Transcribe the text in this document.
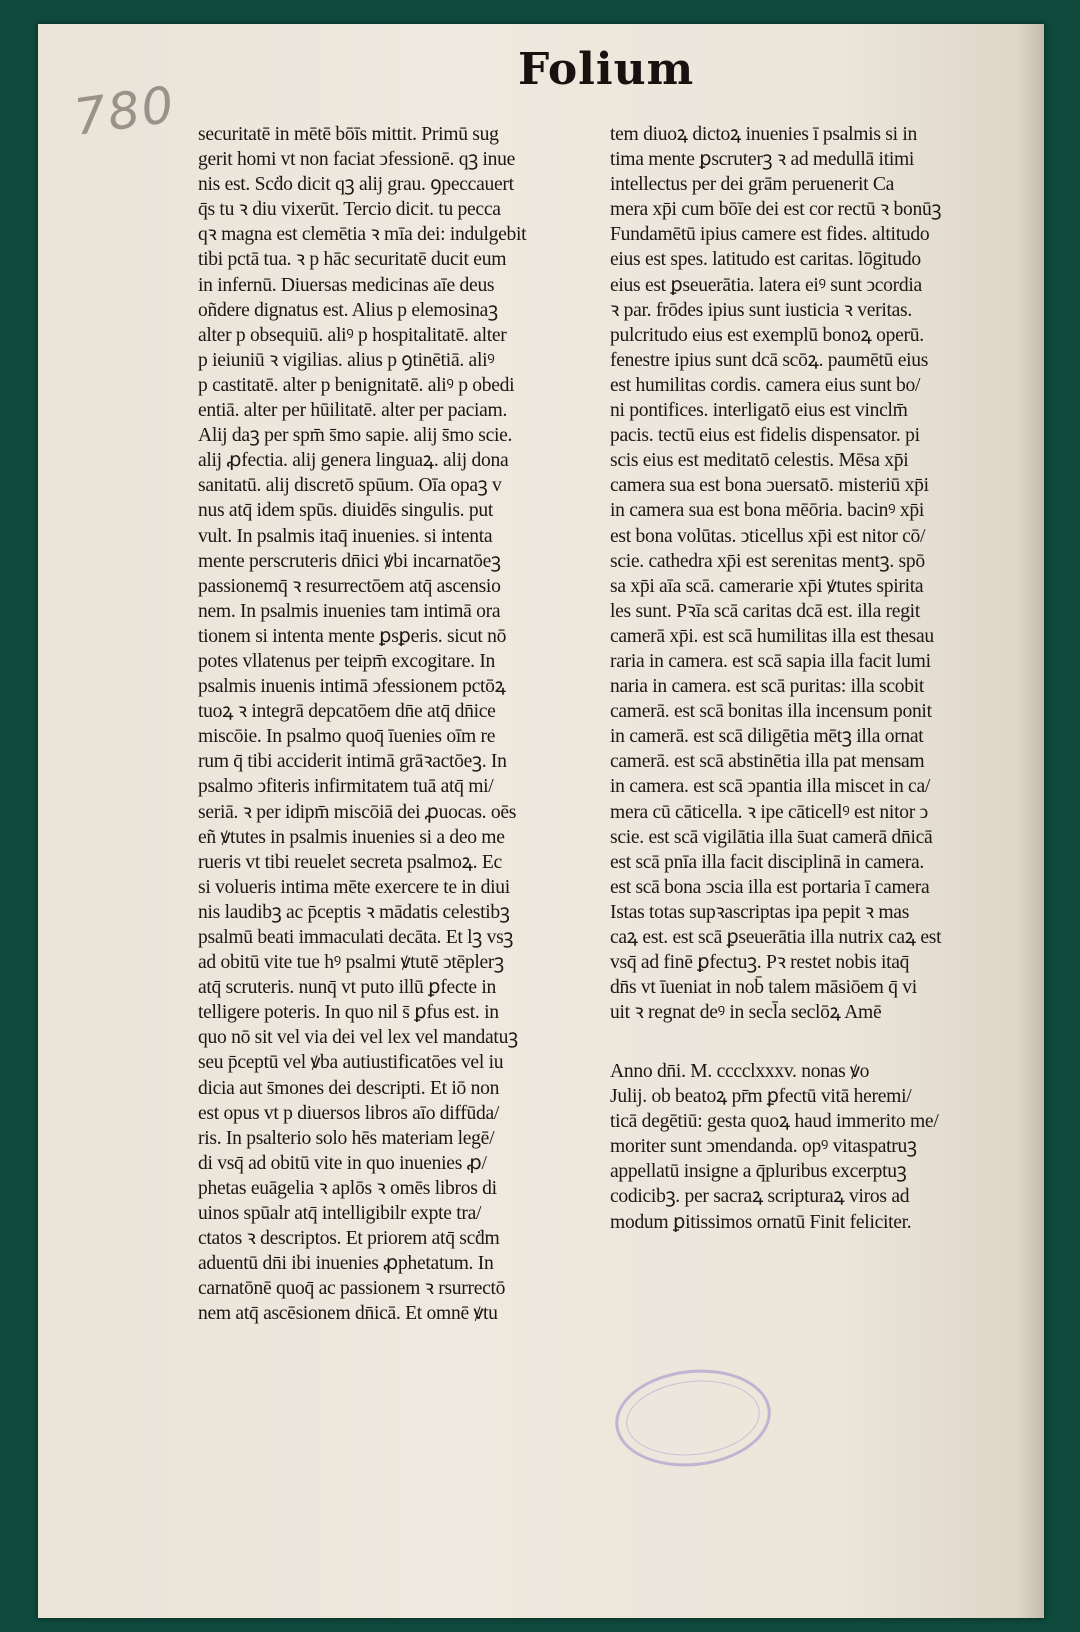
780
Folium
securitatē in mētē bōīs mittit. Primū sug
gerit homi vt non faciat ↄfessionē. qꝫ inue
nis est. Scḋo dicit qꝫ alij grau. ꝯpeccauert
q̄s tu ꝛ diu vixerūt. Tercio dicit. tu pecca
qꝛ magna est clemētia ꝛ mīa dei: indulgebit
tibi pctā tua. ꝛ p hāc securitatē ducit eum
in infernū. Diuersas medicinas aīe deus
oñdere dignatus est. Alius p elemosinaꝫ
alter p obsequiū. aliꝰ p hospitalitatē. alter
p ieiuniū ꝛ vigilias. alius p ꝯtinētiā. aliꝰ
p castitatē. alter p benignitatē. aliꝰ p obedi
entiā. alter per hūilitatē. alter per paciam.
Alij daꝫ per spm̄ s̄mo sapie. alij s̄mo scie.
alij ꝓfectia. alij genera linguaꝝ. alij dona
sanitatū. alij discretō spūum. Oīa opaꝫ v
nus atq̄ idem spūs. diuidēs singulis. put
vult. In psalmis itaq̄ inuenies. si intenta
mente perscruteris dn̄ici ꝟbi incarnatōeꝫ
passionemq̄ ꝛ resurrectōem atq̄ ascensio
nem. In psalmis inuenies tam intimā ora
tionem si intenta mente ꝑsꝑeris. sicut nō
potes vllatenus per teipm̄ excogitare. In
psalmis inuenis intimā ↄfessionem pctōꝝ
tuoꝝ ꝛ integrā depcatōem dn̄e atq̄ dn̄ice
miscōie. In psalmo quoq̄ īuenies oīm re
rum q̄ tibi acciderit intimā grāꝛactōeꝫ. In
psalmo ↄfiteris infirmitatem tuā atq̄ mi/
seriā. ꝛ per idipm̄ miscōiā dei ꝓuocas. oēs
eñ ꝟtutes in psalmis inuenies si a deo me
rueris vt tibi reuelet secreta psalmoꝝ. Ec
si volueris intima mēte exercere te in diui
nis laudibꝫ ac p̄ceptis ꝛ mādatis celestibꝫ
psalmū beati immaculati decāta. Et lꝫ vsꝫ
ad obitū vite tue hꝰ psalmi ꝟtutē ↄtēplerꝫ
atq̄ scruteris. nunq̄ vt puto illū ꝑfecte in
telligere poteris. In quo nil s̄ ꝑfus est. in
quo nō sit vel via dei vel lex vel mandatuꝫ
seu p̄ceptū vel ꝟba autiustificatōes vel iu
dicia aut s̄mones dei descripti. Et iō non
est opus vt p diuersos libros aīo diffūda/
ris. In psalterio solo hēs materiam legē/
di vsq̄ ad obitū vite in quo inuenies ꝓ/
phetas euāgelia ꝛ aplōs ꝛ omēs libros di
uinos spūalr atq̄ intelligibilr expte tra/
ctatos ꝛ descriptos. Et priorem atq̄ scḋm
aduentū dn̄i ibi inuenies ꝓphetatum. In
carnatōnē quoq̄ ac passionem ꝛ rsurrectō
nem atq̄ ascēsionem dn̄icā. Et omnē ꝟtu
tem diuoꝝ dictoꝝ inuenies ī psalmis si in
tima mente ꝑscruterꝫ ꝛ ad medullā itimi
intellectus per dei grām peruenerit Ca
mera xp̄i cum bōīe dei est cor rectū ꝛ bonūꝫ
Fundamētū ipius camere est fides. altitudo
eius est spes. latitudo est caritas. lōgitudo
eius est ꝑseuerātia. latera eiꝰ sunt ↄcordia
ꝛ par. frōdes ipius sunt iusticia ꝛ veritas.
pulcritudo eius est exemplū bonoꝝ operū.
fenestre ipius sunt dcā scōꝝ. paumētū eius
est humilitas cordis. camera eius sunt bo/
ni pontifices. interligatō eius est vinclm̄
pacis. tectū eius est fidelis dispensator. pi
scis eius est meditatō celestis. Mēsa xp̄i
camera sua est bona ↄuersatō. misteriū xp̄i
in camera sua est bona mēōria. bacinꝰ xp̄i
est bona volūtas. ↄticellus xp̄i est nitor cō/
scie. cathedra xp̄i est serenitas mentꝫ. spō
sa xp̄i aīa scā. camerarie xp̄i ꝟtutes spirita
les sunt. Pꝛīa scā caritas dcā est. illa regit
camerā xp̄i. est scā humilitas illa est thesau
raria in camera. est scā sapia illa facit lumi
naria in camera. est scā puritas: illa scobit
camerā. est scā bonitas illa incensum ponit
in camerā. est scā diligētia mētꝫ illa ornat
camerā. est scā abstinētia illa pat mensam
in camera. est scā ↄpantia illa miscet in ca/
mera cū cāticella. ꝛ ipe cāticellꝰ est nitor ↄ
scie. est scā vigilātia illa s̄uat camerā dn̄icā
est scā pnīa illa facit disciplinā in camera.
est scā bona ↄscia illa est portaria ī camera
Istas totas supꝛascriptas ipa pepit ꝛ mas
caꝝ est. est scā ꝑseuerātia illa nutrix caꝝ est
vsq̄ ad finē ꝑfectuꝫ. Pꝛ restet nobis itaq̄
dn̄s vt īueniat in nob̄ talem māsiōem q̄ vi
uit ꝛ regnat deꝰ in secl̄a seclōꝝ Amē
Anno dn̄i. M. cccclxxxv. nonas ꝟo
Julij. ob beatoꝝ pr̄m ꝑfectū vitā heremi/
ticā degētiū: gesta quoꝝ haud immerito me/
moriter sunt ↄmendanda. opꝰ vitaspatruꝫ
appellatū insigne a q̄pluribus excerptuꝫ
codicibꝫ. per sacraꝝ scripturaꝝ viros ad
modum ꝑitissimos ornatū Finit feliciter.
